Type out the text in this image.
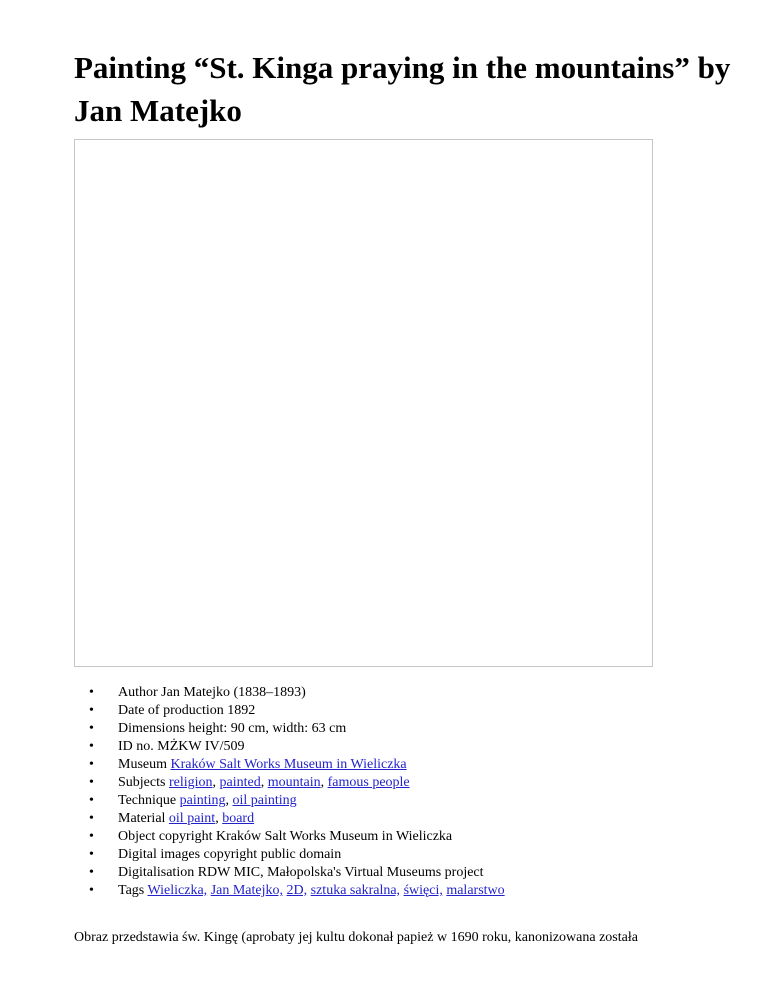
Painting “St. Kinga praying in the mountains” by Jan Matejko
• Author Jan Matejko (1838–1893)
• Date of production 1892
• Dimensions height: 90 cm, width: 63 cm
• ID no. MŻKW IV/509
• Museum Kraków Salt Works Museum in Wieliczka
• Subjects religion, painted, mountain, famous people
• Technique painting, oil painting
• Material oil paint, board
• Object copyright Kraków Salt Works Museum in Wieliczka
• Digital images copyright public domain
• Digitalisation RDW MIC, Małopolska's Virtual Museums project
• Tags Wieliczka, Jan Matejko, 2D, sztuka sakralna, święci, malarstwo

Obraz przedstawia św. Kingę (aprobaty jej kultu dokonał papież w 1690 roku, kanonizowana została
